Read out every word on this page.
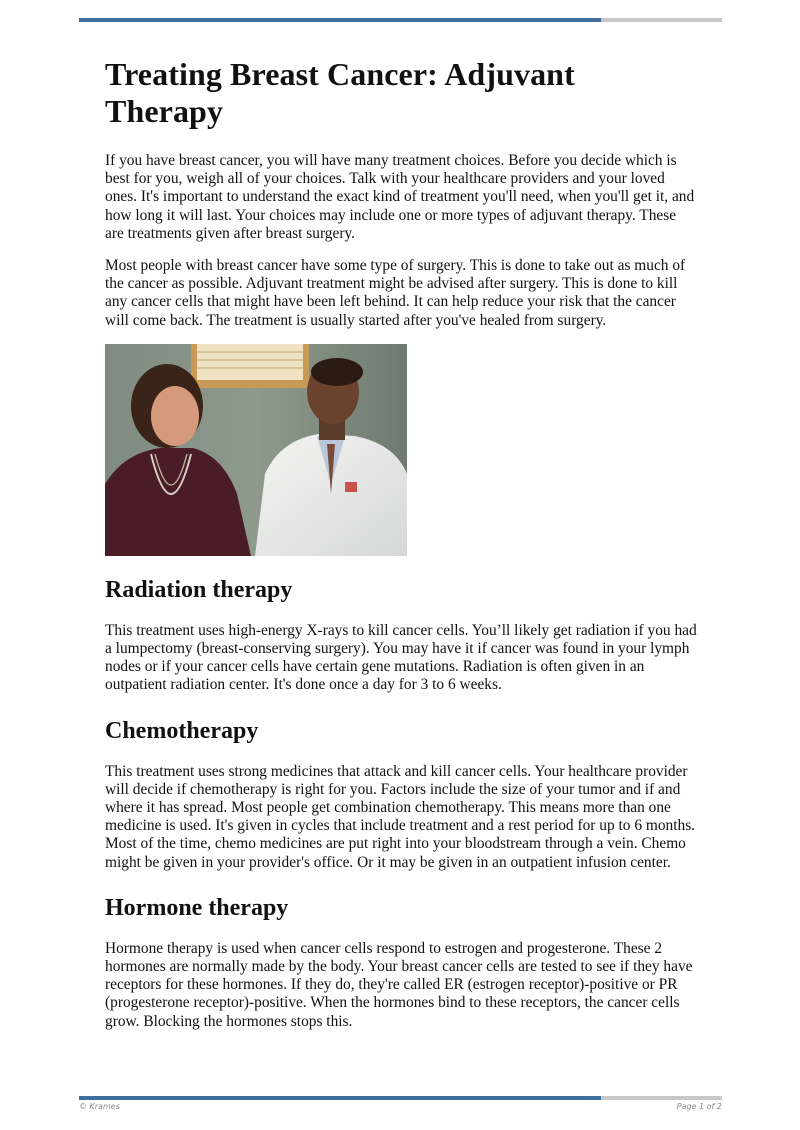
Treating Breast Cancer: Adjuvant Therapy

If you have breast cancer, you will have many treatment choices. Before you decide which is best for you, weigh all of your choices. Talk with your healthcare providers and your loved ones. It's important to understand the exact kind of treatment you'll need, when you'll get it, and how long it will last. Your choices may include one or more types of adjuvant therapy. These are treatments given after breast surgery.

Most people with breast cancer have some type of surgery. This is done to take out as much of the cancer as possible. Adjuvant treatment might be advised after surgery. This is done to kill any cancer cells that might have been left behind. It can help reduce your risk that the cancer will come back. The treatment is usually started after you've healed from surgery.

Radiation therapy

This treatment uses high-energy X-rays to kill cancer cells. You’ll likely get radiation if you had a lumpectomy (breast-conserving surgery). You may have it if cancer was found in your lymph nodes or if your cancer cells have certain gene mutations. Radiation is often given in an outpatient radiation center. It's done once a day for 3 to 6 weeks.

Chemotherapy

This treatment uses strong medicines that attack and kill cancer cells. Your healthcare provider will decide if chemotherapy is right for you. Factors include the size of your tumor and if and where it has spread. Most people get combination chemotherapy. This means more than one medicine is used. It's given in cycles that include treatment and a rest period for up to 6 months. Most of the time, chemo medicines are put right into your bloodstream through a vein. Chemo might be given in your provider's office. Or it may be given in an outpatient infusion center.

Hormone therapy

Hormone therapy is used when cancer cells respond to estrogen and progesterone. These 2 hormones are normally made by the body. Your breast cancer cells are tested to see if they have receptors for these hormones. If they do, they're called ER (estrogen receptor)-positive or PR (progesterone receptor)-positive. When the hormones bind to these receptors, the cancer cells grow. Blocking the hormones stops this.

© Krames	Page 1 of 2
